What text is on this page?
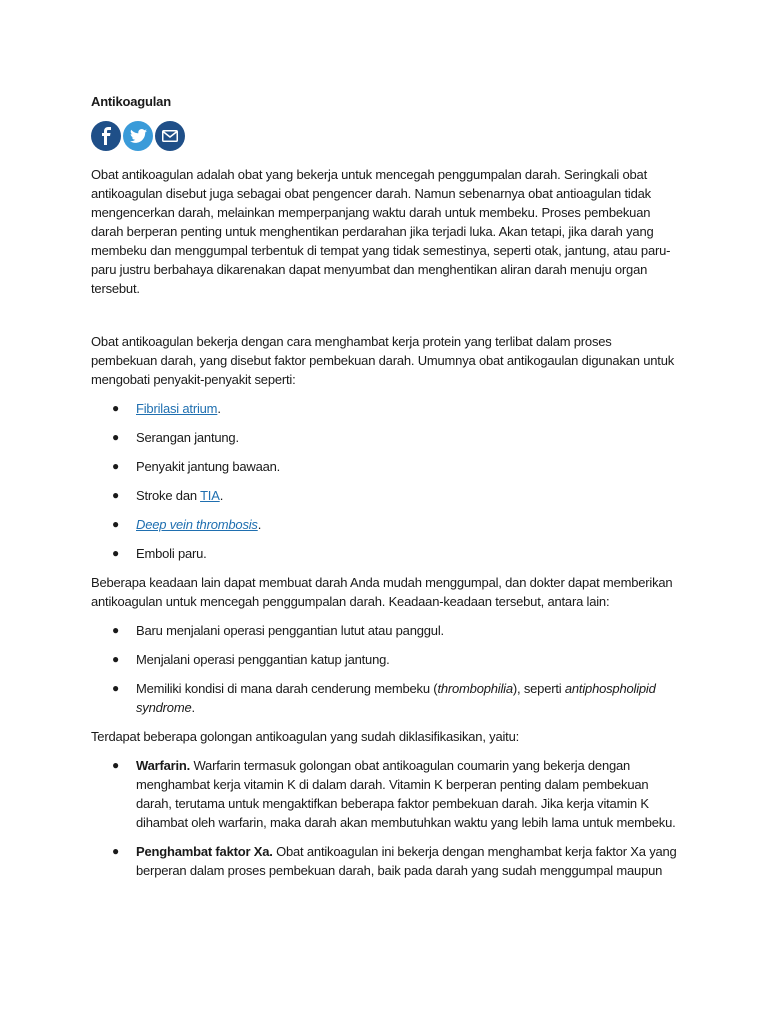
Antikoagulan

Obat antikoagulan adalah obat yang bekerja untuk mencegah penggumpalan darah. Seringkali obat antikoagulan disebut juga sebagai obat pengencer darah. Namun sebenarnya obat antioagulan tidak mengencerkan darah, melainkan memperpanjang waktu darah untuk membeku. Proses pembekuan darah berperan penting untuk menghentikan perdarahan jika terjadi luka. Akan tetapi, jika darah yang membeku dan menggumpal terbentuk di tempat yang tidak semestinya, seperti otak, jantung, atau paru-paru justru berbahaya dikarenakan dapat menyumbat dan menghentikan aliran darah menuju organ tersebut.

Obat antikoagulan bekerja dengan cara menghambat kerja protein yang terlibat dalam proses pembekuan darah, yang disebut faktor pembekuan darah. Umumnya obat antikogaulan digunakan untuk mengobati penyakit-penyakit seperti:

● Fibrilasi atrium.
● Serangan jantung.
● Penyakit jantung bawaan.
● Stroke dan TIA.
● Deep vein thrombosis.
● Emboli paru.

Beberapa keadaan lain dapat membuat darah Anda mudah menggumpal, dan dokter dapat memberikan antikoagulan untuk mencegah penggumpalan darah. Keadaan-keadaan tersebut, antara lain:

● Baru menjalani operasi penggantian lutut atau panggul.
● Menjalani operasi penggantian katup jantung.
● Memiliki kondisi di mana darah cenderung membeku (thrombophilia), seperti antiphospholipid syndrome.

Terdapat beberapa golongan antikoagulan yang sudah diklasifikasikan, yaitu:

● Warfarin. Warfarin termasuk golongan obat antikoagulan coumarin yang bekerja dengan menghambat kerja vitamin K di dalam darah. Vitamin K berperan penting dalam pembekuan darah, terutama untuk mengaktifkan beberapa faktor pembekuan darah. Jika kerja vitamin K dihambat oleh warfarin, maka darah akan membutuhkan waktu yang lebih lama untuk membeku.
● Penghambat faktor Xa. Obat antikoagulan ini bekerja dengan menghambat kerja faktor Xa yang berperan dalam proses pembekuan darah, baik pada darah yang sudah menggumpal maupun
